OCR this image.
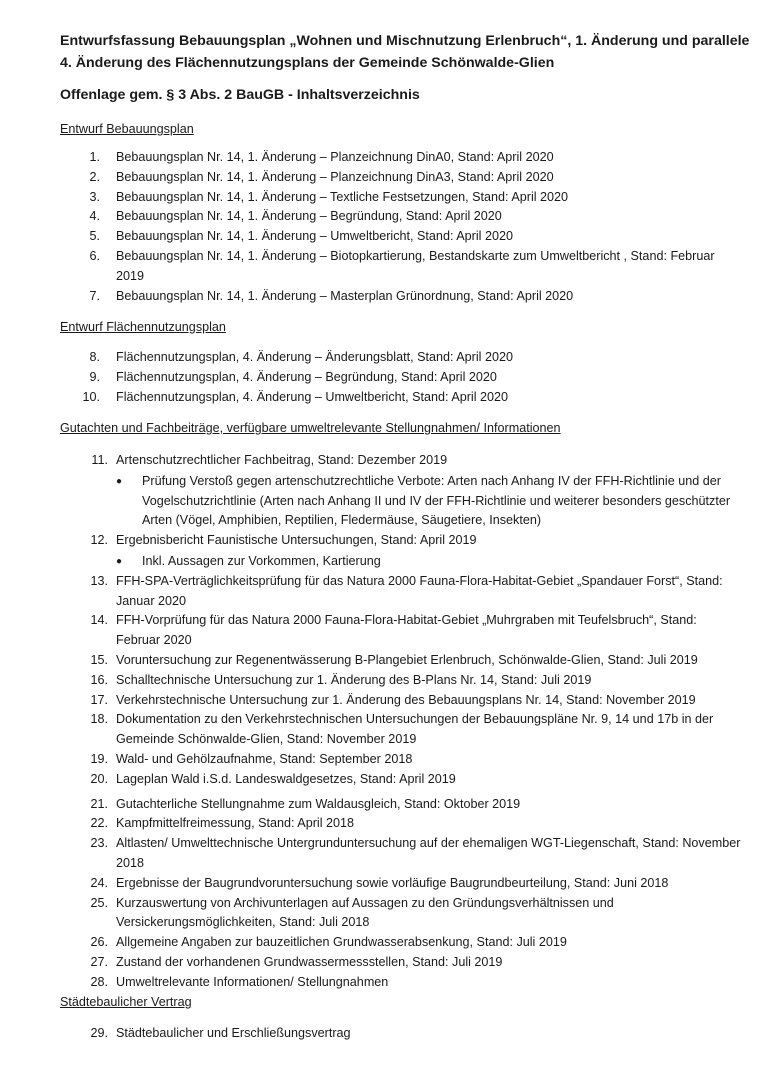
Entwurfsfassung Bebauungsplan „Wohnen und Mischnutzung Erlenbruch“, 1. Änderung und parallele 4. Änderung des Flächennutzungsplans der Gemeinde Schönwalde-Glien

Offenlage gem. § 3 Abs. 2 BauGB - Inhaltsverzeichnis

Entwurf Bebauungsplan

1. Bebauungsplan Nr. 14, 1. Änderung – Planzeichnung DinA0, Stand: April 2020
2. Bebauungsplan Nr. 14, 1. Änderung – Planzeichnung DinA3, Stand: April 2020
3. Bebauungsplan Nr. 14, 1. Änderung – Textliche Festsetzungen, Stand: April 2020
4. Bebauungsplan Nr. 14, 1. Änderung – Begründung, Stand: April 2020
5. Bebauungsplan Nr. 14, 1. Änderung – Umweltbericht, Stand: April 2020
6. Bebauungsplan Nr. 14, 1. Änderung – Biotopkartierung, Bestandskarte zum Umweltbericht , Stand: Februar 2019
7. Bebauungsplan Nr. 14, 1. Änderung – Masterplan Grünordnung, Stand: April 2020

Entwurf Flächennutzungsplan

8. Flächennutzungsplan, 4. Änderung – Änderungsblatt, Stand: April 2020
9. Flächennutzungsplan, 4. Änderung – Begründung, Stand: April 2020
10. Flächennutzungsplan, 4. Änderung – Umweltbericht, Stand: April 2020

Gutachten und Fachbeiträge, verfügbare umweltrelevante Stellungnahmen/ Informationen

11. Artenschutzrechtlicher Fachbeitrag, Stand: Dezember 2019
● Prüfung Verstoß gegen artenschutzrechtliche Verbote: Arten nach Anhang IV der FFH-Richtlinie und der Vogelschutzrichtlinie (Arten nach Anhang II und IV der FFH-Richtlinie und weiterer besonders geschützter Arten (Vögel, Amphibien, Reptilien, Fledermäuse, Säugetiere, Insekten)
12. Ergebnisbericht Faunistische Untersuchungen, Stand: April 2019
● Inkl. Aussagen zur Vorkommen, Kartierung
13. FFH-SPA-Verträglichkeitsprüfung für das Natura 2000 Fauna-Flora-Habitat-Gebiet „Spandauer Forst“, Stand: Januar 2020
14. FFH-Vorprüfung für das Natura 2000 Fauna-Flora-Habitat-Gebiet „Muhrgraben mit Teufelsbruch“, Stand: Februar 2020
15. Voruntersuchung zur Regenentwässerung B-Plangebiet Erlenbruch, Schönwalde-Glien, Stand: Juli 2019
16. Schalltechnische Untersuchung zur 1. Änderung des B-Plans Nr. 14, Stand: Juli 2019
17. Verkehrstechnische Untersuchung zur 1. Änderung des Bebauungsplans Nr. 14, Stand: November 2019
18. Dokumentation zu den Verkehrstechnischen Untersuchungen der Bebauungspläne Nr. 9, 14 und 17b in der Gemeinde Schönwalde-Glien, Stand: November 2019
19. Wald- und Gehölzaufnahme, Stand: September 2018
20. Lageplan Wald i.S.d. Landeswaldgesetzes, Stand: April 2019
21. Gutachterliche Stellungnahme zum Waldausgleich, Stand: Oktober 2019
22. Kampfmittelfreimessung, Stand: April 2018
23. Altlasten/ Umwelttechnische Untergrunduntersuchung auf der ehemaligen WGT-Liegenschaft, Stand: November 2018
24. Ergebnisse der Baugrundvoruntersuchung sowie vorläufige Baugrundbeurteilung, Stand: Juni 2018
25. Kurzauswertung von Archivunterlagen auf Aussagen zu den Gründungsverhältnissen und Versickerungsmöglichkeiten, Stand: Juli 2018
26. Allgemeine Angaben zur bauzeitlichen Grundwasserabsenkung, Stand: Juli 2019
27. Zustand der vorhandenen Grundwassermessstellen, Stand: Juli 2019
28. Umweltrelevante Informationen/ Stellungnahmen

Städtebaulicher Vertrag

29. Städtebaulicher und Erschließungsvertrag
